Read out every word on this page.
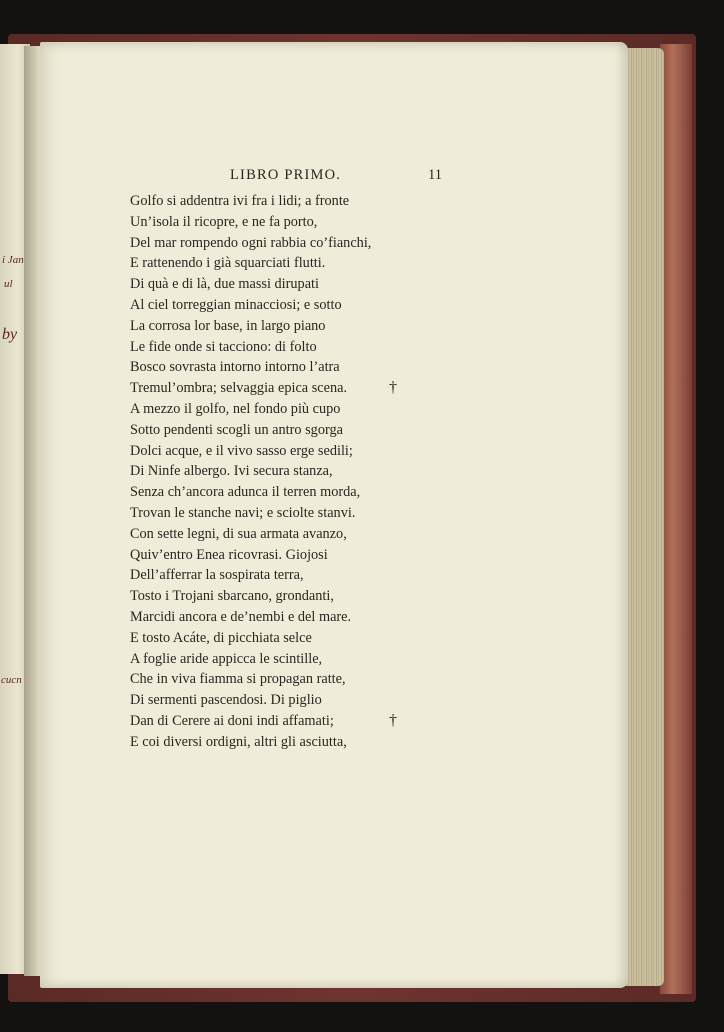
i Jan
ul
by
cucn
LIBRO PRIMO.	11
Golfo si addentra ivi fra i lidi; a fronte
Un’isola il ricopre, e ne fa porto,
Del mar rompendo ogni rabbia co’fianchi,
E rattenendo i già squarciati flutti.
Di quà e di là, due massi dirupati
Al ciel torreggian minacciosi; e sotto
La corrosa lor base, in largo piano
Le fide onde si tacciono: di folto
Bosco sovrasta intorno intorno l’atra
Tremul’ombra; selvaggia epica scena.	†
A mezzo il golfo, nel fondo più cupo
Sotto pendenti scogli un antro sgorga
Dolci acque, e il vivo sasso erge sedili;
Di Ninfe albergo. Ivi secura stanza,
Senza ch’ancora adunca il terren morda,
Trovan le stanche navi; e sciolte stanvi.
Con sette legni, di sua armata avanzo,
Quiv’entro Enea ricovrasi. Giojosi
Dell’afferrar la sospirata terra,
Tosto i Trojani sbarcano, grondanti,
Marcidi ancora e de’nembi e del mare.
E tosto Acáte, di picchiata selce
A foglie aride appicca le scintille,
Che in viva fiamma si propagan ratte,
Di sermenti pascendosi. Di piglio
Dan di Cerere ai doni indi affamati;	†
E coi diversi ordigni, altri gli asciutta,
